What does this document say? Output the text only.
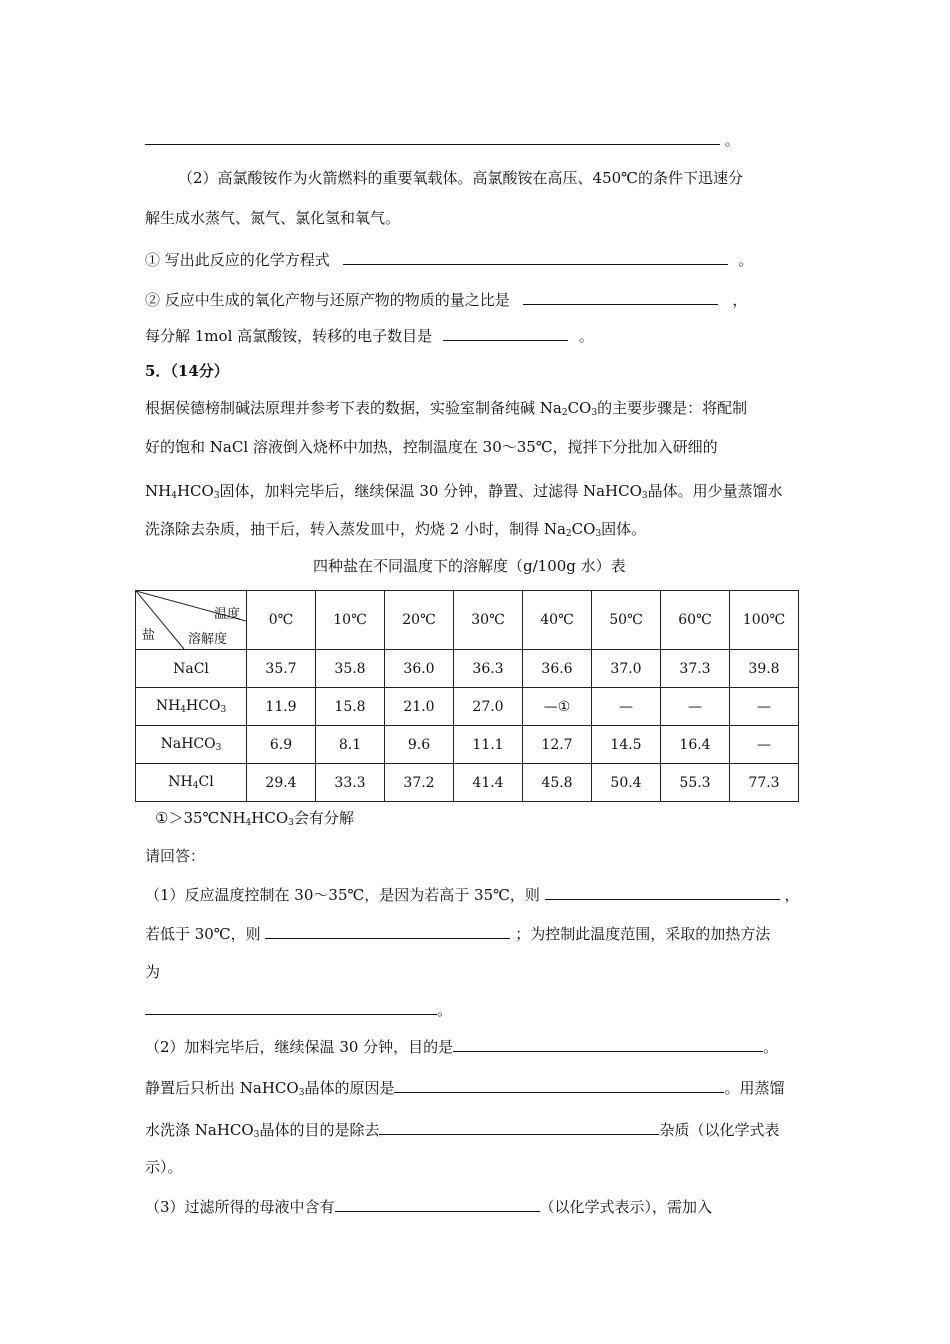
。
（2）高氯酸铵作为火箭燃料的重要氧载体。高氯酸铵在高压、450℃的条件下迅速分
解生成水蒸气、氮气、氯化氢和氧气。
① 写出此反应的化学方程式	。
② 反应中生成的氧化产物与还原产物的物质的量之比是	，
每分解 1mol 高氯酸铵，转移的电子数目是	。
5．（14分）
根据侯德榜制碱法原理并参考下表的数据，实验室制备纯碱 $Na_2CO_3$的主要步骤是：将配制
好的饱和 NaCl 溶液倒入烧杯中加热，控制温度在 30～35℃，搅拌下分批加入研细的
$NH_4HCO_3$固体，加料完毕后，继续保温 30 分钟，静置、过滤得 NaHCO$_3$晶体。用少量蒸馏水
洗涤除去杂质，抽干后，转入蒸发皿中，灼烧 2 小时，制得 $Na_2CO_3$固体。
四种盐在不同温度下的溶解度（g/100g 水）表
温度
溶解度
盐	0℃	10℃	20℃	30℃	40℃	50℃	60℃	100℃
NaCl	35.7	35.8	36.0	36.3	36.6	37.0	37.3	39.8
$NH_4HCO_3$	11.9	15.8	21.0	27.0	—①	—	—	—
NaHCO$_3$	6.9	8.1	9.6	11.1	12.7	14.5	16.4	—
$NH_4Cl$	29.4	33.3	37.2	41.4	45.8	50.4	55.3	77.3
$①>35℃NH_4HCO_3$会有分解
请回答：
（1）反应温度控制在 30～35℃，是因为若高于 35℃，则	，
若低于 30℃，则	；为控制此温度范围，采取的加热方法
为
。
（2）加料完毕后，继续保温 30 分钟，目的是	。
静置后只析出 NaHCO$_3$晶体的原因是	。用蒸馏
水洗涤 NaHCO$_3$晶体的目的是除去	杂质（以化学式表
示）。
（3）过滤所得的母液中含有	（以化学式表示），需加入
